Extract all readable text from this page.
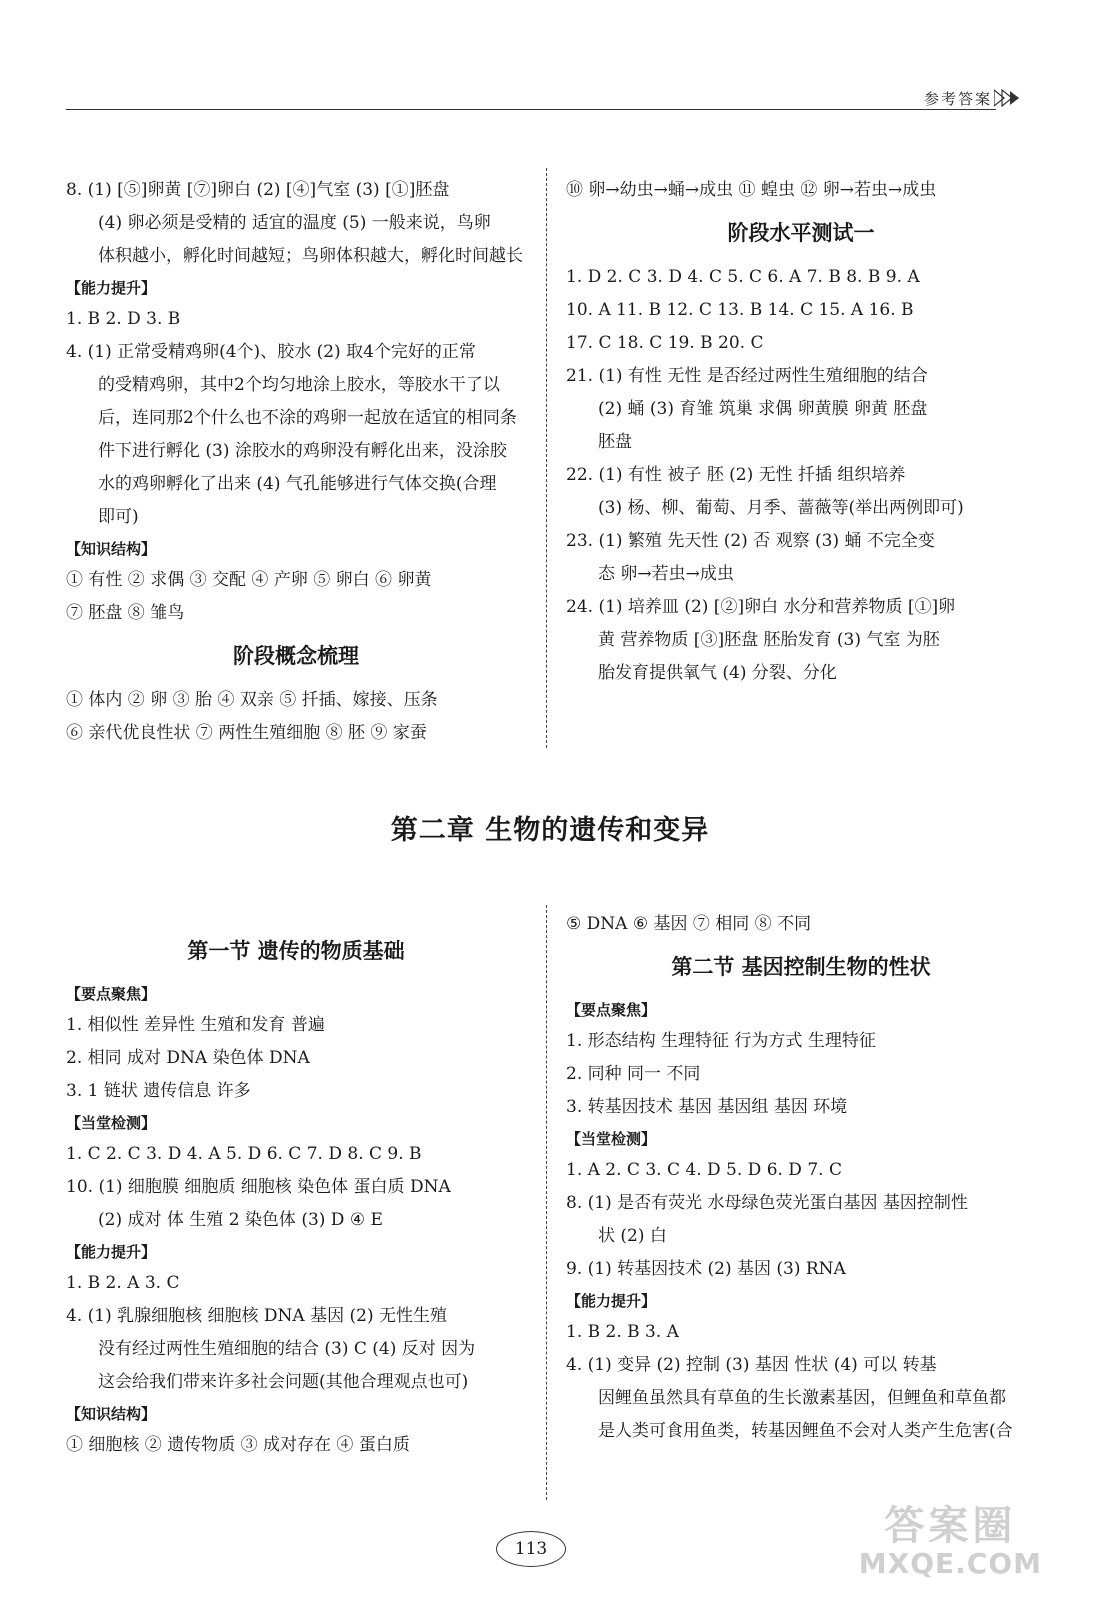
参考答案
8. (1) [⑤]卵黄 [⑦]卵白 (2) [④]气室 (3) [①]胚盘
(4) 卵必须是受精的 适宜的温度 (5) 一般来说，鸟卵
体积越小，孵化时间越短；鸟卵体积越大，孵化时间越长
【能力提升】
1. B 2. D 3. B
4. (1) 正常受精鸡卵(4个)、胶水 (2) 取4个完好的正常
的受精鸡卵，其中2个均匀地涂上胶水，等胶水干了以
后，连同那2个什么也不涂的鸡卵一起放在适宜的相同条
件下进行孵化 (3) 涂胶水的鸡卵没有孵化出来，没涂胶
水的鸡卵孵化了出来 (4) 气孔能够进行气体交换(合理
即可)
【知识结构】
① 有性 ② 求偶 ③ 交配 ④ 产卵 ⑤ 卵白 ⑥ 卵黄
⑦ 胚盘 ⑧ 雏鸟
阶段概念梳理
① 体内 ② 卵 ③ 胎 ④ 双亲 ⑤ 扦插、嫁接、压条
⑥ 亲代优良性状 ⑦ 两性生殖细胞 ⑧ 胚 ⑨ 家蚕
⑩ 卵→幼虫→蛹→成虫 ⑪ 蝗虫 ⑫ 卵→若虫→成虫
阶段水平测试一
1. D 2. C 3. D 4. C 5. C 6. A 7. B 8. B 9. A
10. A 11. B 12. C 13. B 14. C 15. A 16. B
17. C 18. C 19. B 20. C
21. (1) 有性 无性 是否经过两性生殖细胞的结合
(2) 蛹 (3) 育雏 筑巢 求偶 卵黄膜 卵黄 胚盘
胚盘
22. (1) 有性 被子 胚 (2) 无性 扦插 组织培养
(3) 杨、柳、葡萄、月季、蔷薇等(举出两例即可)
23. (1) 繁殖 先天性 (2) 否 观察 (3) 蛹 不完全变
态 卵→若虫→成虫
24. (1) 培养皿 (2) [②]卵白 水分和营养物质 [①]卵
黄 营养物质 [③]胚盘 胚胎发育 (3) 气室 为胚
胎发育提供氧气 (4) 分裂、分化
第二章 生物的遗传和变异
第一节 遗传的物质基础
【要点聚焦】
1. 相似性 差异性 生殖和发育 普遍
2. 相同 成对 DNA 染色体 DNA
3. 1 链状 遗传信息 许多
【当堂检测】
1. C 2. C 3. D 4. A 5. D 6. C 7. D 8. C 9. B
10. (1) 细胞膜 细胞质 细胞核 染色体 蛋白质 DNA
(2) 成对 体 生殖 2 染色体 (3) D ④ E
【能力提升】
1. B 2. A 3. C
4. (1) 乳腺细胞核 细胞核 DNA 基因 (2) 无性生殖
没有经过两性生殖细胞的结合 (3) C (4) 反对 因为
这会给我们带来许多社会问题(其他合理观点也可)
【知识结构】
① 细胞核 ② 遗传物质 ③ 成对存在 ④ 蛋白质
⑤ DNA ⑥ 基因 ⑦ 相同 ⑧ 不同
第二节 基因控制生物的性状
【要点聚焦】
1. 形态结构 生理特征 行为方式 生理特征
2. 同种 同一 不同
3. 转基因技术 基因 基因组 基因 环境
【当堂检测】
1. A 2. C 3. C 4. D 5. D 6. D 7. C
8. (1) 是否有荧光 水母绿色荧光蛋白基因 基因控制性
状 (2) 白
9. (1) 转基因技术 (2) 基因 (3) RNA
【能力提升】
1. B 2. B 3. A
4. (1) 变异 (2) 控制 (3) 基因 性状 (4) 可以 转基
因鲤鱼虽然具有草鱼的生长激素基因，但鲤鱼和草鱼都
是人类可食用鱼类，转基因鲤鱼不会对人类产生危害(合
113	答案圈
MXQE.COM
